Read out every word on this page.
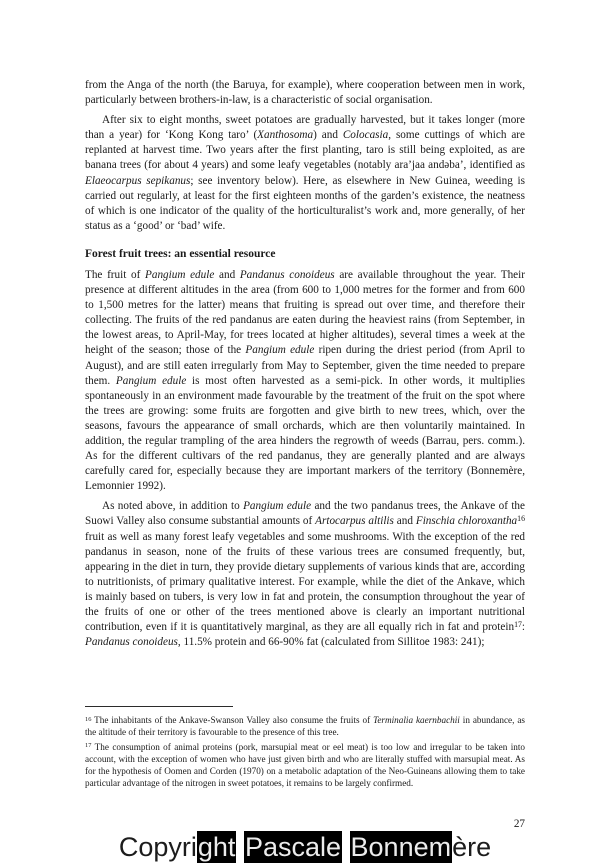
from the Anga of the north (the Baruya, for example), where cooperation between men in work, particularly between brothers-in-law, is a characteristic of social organisation.

After six to eight months, sweet potatoes are gradually harvested, but it takes longer (more than a year) for ‘Kong Kong taro’ (Xanthosoma) and Colocasia, some cuttings of which are replanted at harvest time. Two years after the first planting, taro is still being exploited, as are banana trees (for about 4 years) and some leafy vegetables (notably ara’jaa andəba’, identified as Elaeocarpus sepikanus; see inventory below). Here, as elsewhere in New Guinea, weeding is carried out regularly, at least for the first eighteen months of the garden’s existence, the neatness of which is one indicator of the quality of the horticulturalist’s work and, more generally, of her status as a ‘good’ or ‘bad’ wife.

Forest fruit trees: an essential resource

The fruit of Pangium edule and Pandanus conoideus are available throughout the year. Their presence at different altitudes in the area (from 600 to 1,000 metres for the former and from 600 to 1,500 metres for the latter) means that fruiting is spread out over time, and therefore their collecting. The fruits of the red pandanus are eaten during the heaviest rains (from September, in the lowest areas, to April-May, for trees located at higher altitudes), several times a week at the height of the season; those of the Pangium edule ripen during the driest period (from April to August), and are still eaten irregularly from May to September, given the time needed to prepare them. Pangium edule is most often harvested as a semi-pick. In other words, it multiplies spontaneously in an environment made favourable by the treatment of the fruit on the spot where the trees are growing: some fruits are forgotten and give birth to new trees, which, over the seasons, favours the appearance of small orchards, which are then voluntarily maintained. In addition, the regular trampling of the area hinders the regrowth of weeds (Barrau, pers. comm.). As for the different cultivars of the red pandanus, they are generally planted and are always carefully cared for, especially because they are important markers of the territory (Bonnemère, Lemonnier 1992).

As noted above, in addition to Pangium edule and the two pandanus trees, the Ankave of the Suowi Valley also consume substantial amounts of Artocarpus altilis and Finschia chloroxantha$^{16}$ fruit as well as many forest leafy vegetables and some mushrooms. With the exception of the red pandanus in season, none of the fruits of these various trees are consumed frequently, but, appearing in the diet in turn, they provide dietary supplements of various kinds that are, according to nutritionists, of primary qualitative interest. For example, while the diet of the Ankave, which is mainly based on tubers, is very low in fat and protein, the consumption throughout the year of the fruits of one or other of the trees mentioned above is clearly an important nutritional contribution, even if it is quantitatively marginal, as they are all equally rich in fat and protein$^{17}$: Pandanus conoideus, 11.5% protein and 66-90% fat (calculated from Sillitoe 1983: 241);

$^{16}$ The inhabitants of the Ankave-Swanson Valley also consume the fruits of Terminalia kaernbachii in abundance, as the altitude of their territory is favourable to the presence of this tree.

$^{17}$ The consumption of animal proteins (pork, marsupial meat or eel meat) is too low and irregular to be taken into account, with the exception of women who have just given birth and who are literally stuffed with marsupial meat. As for the hypothesis of Oomen and Corden (1970) on a metabolic adaptation of the Neo-Guineans allowing them to take particular advantage of the nitrogen in sweet potatoes, it remains to be largely confirmed.

27
Copyright Pascale Bonnemère
